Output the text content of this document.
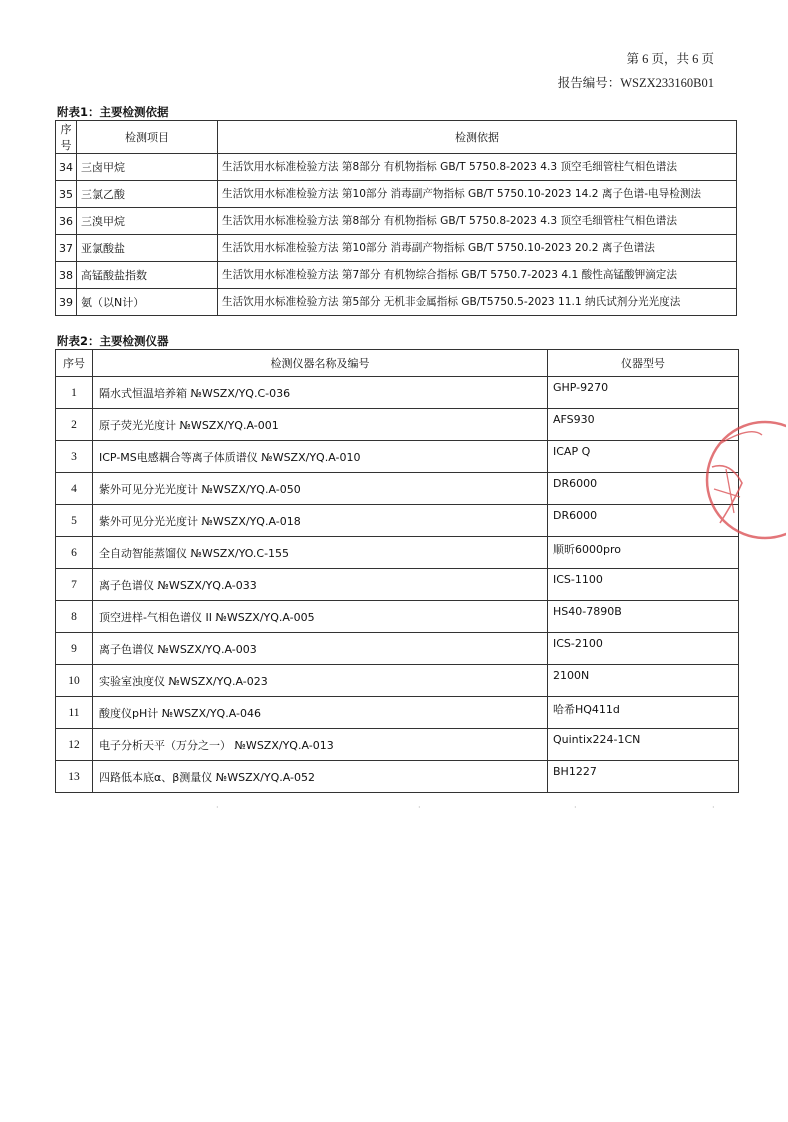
第 6 页，共 6 页
报告编号：WSZX233160B01
附表1：主要检测依据
序号	检测项目	检测依据
34	三卤甲烷	生活饮用水标准检验方法 第8部分 有机物指标 GB/T 5750.8-2023 4.3 顶空毛细管柱气相色谱法
35	三氯乙酸	生活饮用水标准检验方法 第10部分 消毒副产物指标 GB/T 5750.10-2023 14.2 离子色谱-电导检测法
36	三溴甲烷	生活饮用水标准检验方法 第8部分 有机物指标 GB/T 5750.8-2023 4.3 顶空毛细管柱气相色谱法
37	亚氯酸盐	生活饮用水标准检验方法 第10部分 消毒副产物指标 GB/T 5750.10-2023 20.2 离子色谱法
38	高锰酸盐指数	生活饮用水标准检验方法 第7部分 有机物综合指标 GB/T 5750.7-2023 4.1 酸性高锰酸钾滴定法
39	氨（以N计）	生活饮用水标准检验方法 第5部分 无机非金属指标 GB/T5750.5-2023 11.1 纳氏试剂分光光度法
附表2：主要检测仪器
序号	检测仪器名称及编号	仪器型号
1	隔水式恒温培养箱 №WSZX/YQ.C-036	GHP-9270
2	原子荧光光度计 №WSZX/YQ.A-001	AFS930
3	ICP-MS电感耦合等离子体质谱仪 №WSZX/YQ.A-010	ICAP Q
4	紫外可见分光光度计 №WSZX/YQ.A-050	DR6000
5	紫外可见分光光度计 №WSZX/YQ.A-018	DR6000
6	全自动智能蒸馏仪 №WSZX/YO.C-155	顺昕6000pro
7	离子色谱仪 №WSZX/YQ.A-033	ICS-1100
8	顶空进样-气相色谱仪 II №WSZX/YQ.A-005	HS40-7890B
9	离子色谱仪 №WSZX/YQ.A-003	ICS-2100
10	实验室浊度仪 №WSZX/YQ.A-023	2100N
11	酸度仪pH计 №WSZX/YQ.A-046	哈希HQ411d
12	电子分析天平（万分之一） №WSZX/YQ.A-013	Quintix224-1CN
13	四路低本底α、β测量仪 №WSZX/YQ.A-052	BH1227
·	·	·	·
